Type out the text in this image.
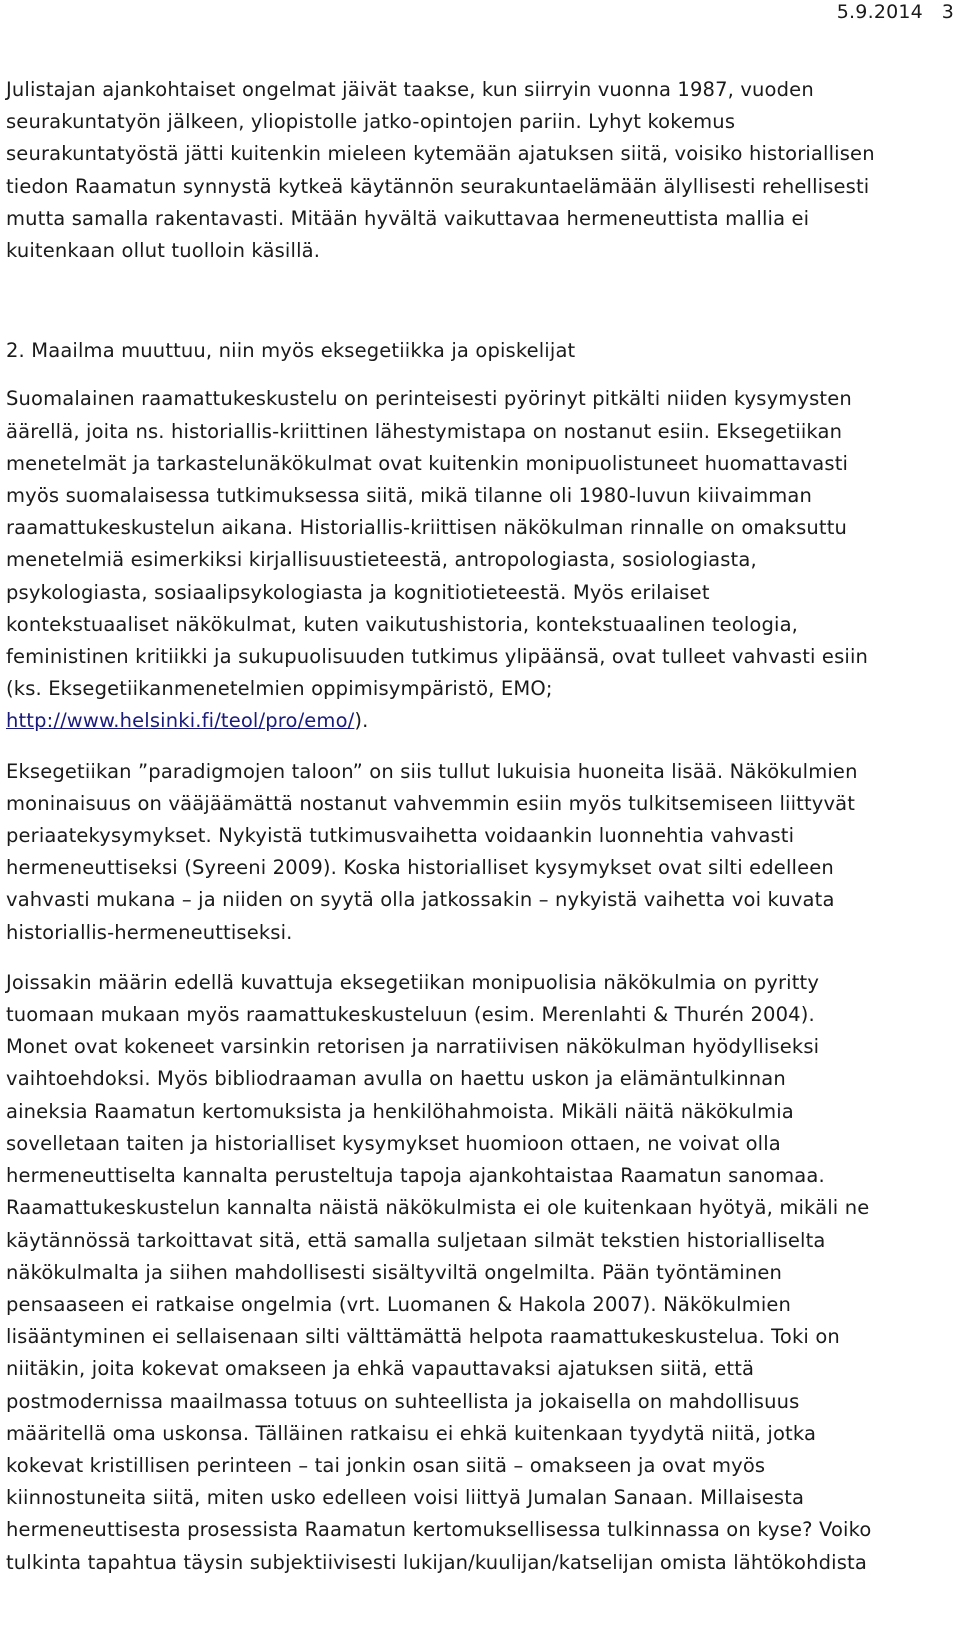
5.9.2014 3

Julistajan ajankohtaiset ongelmat jäivät taakse, kun siirryin vuonna 1987, vuoden
seurakuntatyön jälkeen, yliopistolle jatko-opintojen pariin. Lyhyt kokemus
seurakuntatyöstä jätti kuitenkin mieleen kytemään ajatuksen siitä, voisiko historiallisen
tiedon Raamatun synnystä kytkeä käytännön seurakuntaelämään älyllisesti rehellisesti
mutta samalla rakentavasti. Mitään hyvältä vaikuttavaa hermeneuttista mallia ei
kuitenkaan ollut tuolloin käsillä.

2. Maailma muuttuu, niin myös eksegetiikka ja opiskelijat

Suomalainen raamattukeskustelu on perinteisesti pyörinyt pitkälti niiden kysymysten
äärellä, joita ns. historiallis-kriittinen lähestymistapa on nostanut esiin. Eksegetiikan
menetelmät ja tarkastelunäkökulmat ovat kuitenkin monipuolistuneet huomattavasti
myös suomalaisessa tutkimuksessa siitä, mikä tilanne oli 1980-luvun kiivaimman
raamattukeskustelun aikana. Historiallis-kriittisen näkökulman rinnalle on omaksuttu
menetelmiä esimerkiksi kirjallisuustieteestä, antropologiasta, sosiologiasta,
psykologiasta, sosiaalipsykologiasta ja kognitiotieteestä. Myös erilaiset
kontekstuaaliset näkökulmat, kuten vaikutushistoria, kontekstuaalinen teologia,
feministinen kritiikki ja sukupuolisuuden tutkimus ylipäänsä, ovat tulleet vahvasti esiin
(ks. Eksegetiikanmenetelmien oppimisympäristö, EMO;
http://www.helsinki.fi/teol/pro/emo/).

Eksegetiikan ”paradigmojen taloon” on siis tullut lukuisia huoneita lisää. Näkökulmien
moninaisuus on vääjäämättä nostanut vahvemmin esiin myös tulkitsemiseen liittyvät
periaatekysymykset. Nykyistä tutkimusvaihetta voidaankin luonnehtia vahvasti
hermeneuttiseksi (Syreeni 2009). Koska historialliset kysymykset ovat silti edelleen
vahvasti mukana – ja niiden on syytä olla jatkossakin – nykyistä vaihetta voi kuvata
historiallis-hermeneuttiseksi.

Joissakin määrin edellä kuvattuja eksegetiikan monipuolisia näkökulmia on pyritty
tuomaan mukaan myös raamattukeskusteluun (esim. Merenlahti & Thurén 2004).
Monet ovat kokeneet varsinkin retorisen ja narratiivisen näkökulman hyödylliseksi
vaihtoehdoksi. Myös bibliodraaman avulla on haettu uskon ja elämäntulkinnan
aineksia Raamatun kertomuksista ja henkilöhahmoista. Mikäli näitä näkökulmia
sovelletaan taiten ja historialliset kysymykset huomioon ottaen, ne voivat olla
hermeneuttiselta kannalta perusteltuja tapoja ajankohtaistaa Raamatun sanomaa.
Raamattukeskustelun kannalta näistä näkökulmista ei ole kuitenkaan hyötyä, mikäli ne
käytännössä tarkoittavat sitä, että samalla suljetaan silmät tekstien historialliselta
näkökulmalta ja siihen mahdollisesti sisältyviltä ongelmilta. Pään työntäminen
pensaaseen ei ratkaise ongelmia (vrt. Luomanen & Hakola 2007). Näkökulmien
lisääntyminen ei sellaisenaan silti välttämättä helpota raamattukeskustelua. Toki on
niitäkin, joita kokevat omakseen ja ehkä vapauttavaksi ajatuksen siitä, että
postmodernissa maailmassa totuus on suhteellista ja jokaisella on mahdollisuus
määritellä oma uskonsa. Tälläinen ratkaisu ei ehkä kuitenkaan tyydytä niitä, jotka
kokevat kristillisen perinteen – tai jonkin osan siitä – omakseen ja ovat myös
kiinnostuneita siitä, miten usko edelleen voisi liittyä Jumalan Sanaan. Millaisesta
hermeneuttisesta prosessista Raamatun kertomuksellisessa tulkinnassa on kyse? Voiko
tulkinta tapahtua täysin subjektiivisesti lukijan/kuulijan/katselijan omista lähtökohdista
